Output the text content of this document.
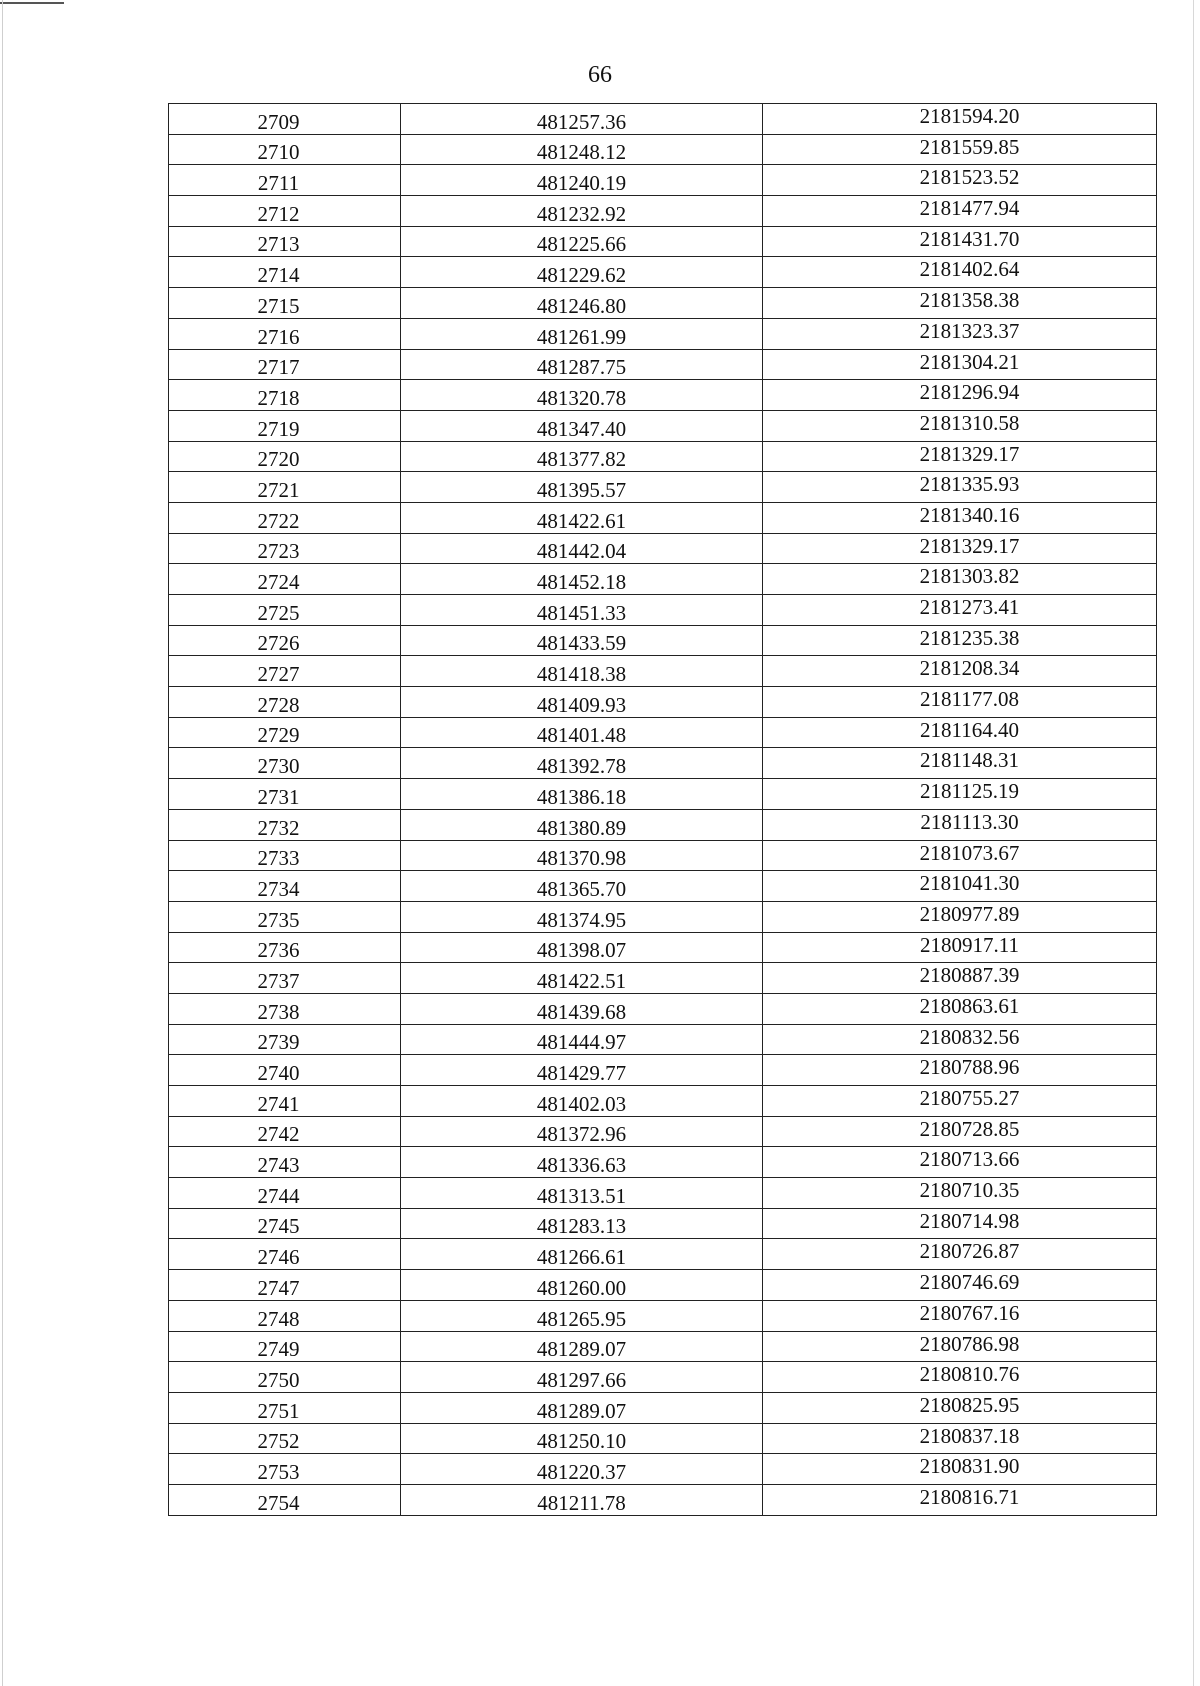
66
2709	481257.36	2181594.20
2710	481248.12	2181559.85
2711	481240.19	2181523.52
2712	481232.92	2181477.94
2713	481225.66	2181431.70
2714	481229.62	2181402.64
2715	481246.80	2181358.38
2716	481261.99	2181323.37
2717	481287.75	2181304.21
2718	481320.78	2181296.94
2719	481347.40	2181310.58
2720	481377.82	2181329.17
2721	481395.57	2181335.93
2722	481422.61	2181340.16
2723	481442.04	2181329.17
2724	481452.18	2181303.82
2725	481451.33	2181273.41
2726	481433.59	2181235.38
2727	481418.38	2181208.34
2728	481409.93	2181177.08
2729	481401.48	2181164.40
2730	481392.78	2181148.31
2731	481386.18	2181125.19
2732	481380.89	2181113.30
2733	481370.98	2181073.67
2734	481365.70	2181041.30
2735	481374.95	2180977.89
2736	481398.07	2180917.11
2737	481422.51	2180887.39
2738	481439.68	2180863.61
2739	481444.97	2180832.56
2740	481429.77	2180788.96
2741	481402.03	2180755.27
2742	481372.96	2180728.85
2743	481336.63	2180713.66
2744	481313.51	2180710.35
2745	481283.13	2180714.98
2746	481266.61	2180726.87
2747	481260.00	2180746.69
2748	481265.95	2180767.16
2749	481289.07	2180786.98
2750	481297.66	2180810.76
2751	481289.07	2180825.95
2752	481250.10	2180837.18
2753	481220.37	2180831.90
2754	481211.78	2180816.71
